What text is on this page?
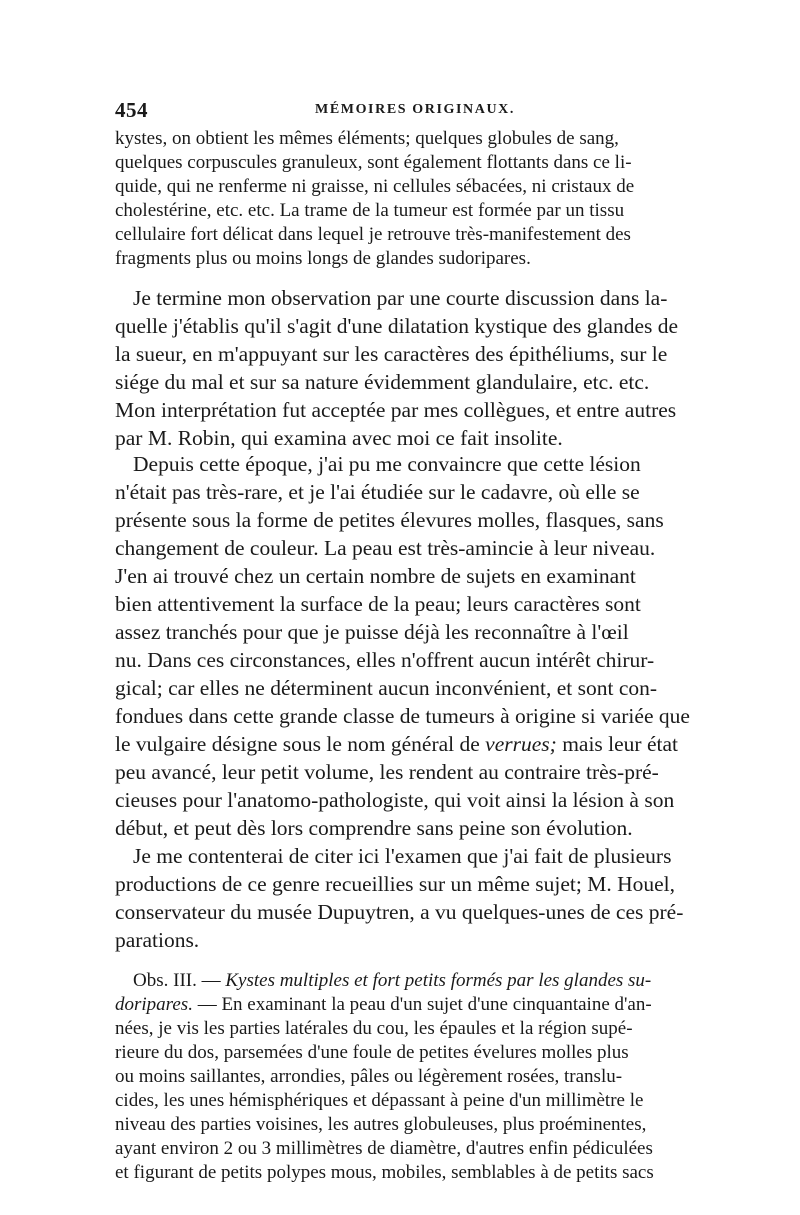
454	MÉMOIRES ORIGINAUX.

kystes, on obtient les mêmes éléments; quelques globules de sang,

quelques corpuscules granuleux, sont également flottants dans ce li-

quide, qui ne renferme ni graisse, ni cellules sébacées, ni cristaux de

cholestérine, etc. etc. La trame de la tumeur est formée par un tissu

cellulaire fort délicat dans lequel je retrouve très-manifestement des

fragments plus ou moins longs de glandes sudoripares.

Je termine mon observation par une courte discussion dans la-

quelle j'établis qu'il s'agit d'une dilatation kystique des glandes de

la sueur, en m'appuyant sur les caractères des épithéliums, sur le

siége du mal et sur sa nature évidemment glandulaire, etc. etc.

Mon interprétation fut acceptée par mes collègues, et entre autres

par M. Robin, qui examina avec moi ce fait insolite.

Depuis cette époque, j'ai pu me convaincre que cette lésion

n'était pas très-rare, et je l'ai étudiée sur le cadavre, où elle se

présente sous la forme de petites élevures molles, flasques, sans

changement de couleur. La peau est très-amincie à leur niveau.

J'en ai trouvé chez un certain nombre de sujets en examinant

bien attentivement la surface de la peau; leurs caractères sont

assez tranchés pour que je puisse déjà les reconnaître à l'œil

nu. Dans ces circonstances, elles n'offrent aucun intérêt chirur-

gical; car elles ne déterminent aucun inconvénient, et sont con-

fondues dans cette grande classe de tumeurs à origine si variée que

le vulgaire désigne sous le nom général de verrues; mais leur état

peu avancé, leur petit volume, les rendent au contraire très-pré-

cieuses pour l'anatomo-pathologiste, qui voit ainsi la lésion à son

début, et peut dès lors comprendre sans peine son évolution.

Je me contenterai de citer ici l'examen que j'ai fait de plusieurs

productions de ce genre recueillies sur un même sujet; M. Houel,

conservateur du musée Dupuytren, a vu quelques-unes de ces pré-

parations.

Obs. III. — Kystes multiples et fort petits formés par les glandes su-

doripares. — En examinant la peau d'un sujet d'une cinquantaine d'an-

nées, je vis les parties latérales du cou, les épaules et la région supé-

rieure du dos, parsemées d'une foule de petites évelures molles plus

ou moins saillantes, arrondies, pâles ou légèrement rosées, translu-

cides, les unes hémisphériques et dépassant à peine d'un millimètre le

niveau des parties voisines, les autres globuleuses, plus proéminentes,

ayant environ 2 ou 3 millimètres de diamètre, d'autres enfin pédiculées

et figurant de petits polypes mous, mobiles, semblables à de petits sacs
